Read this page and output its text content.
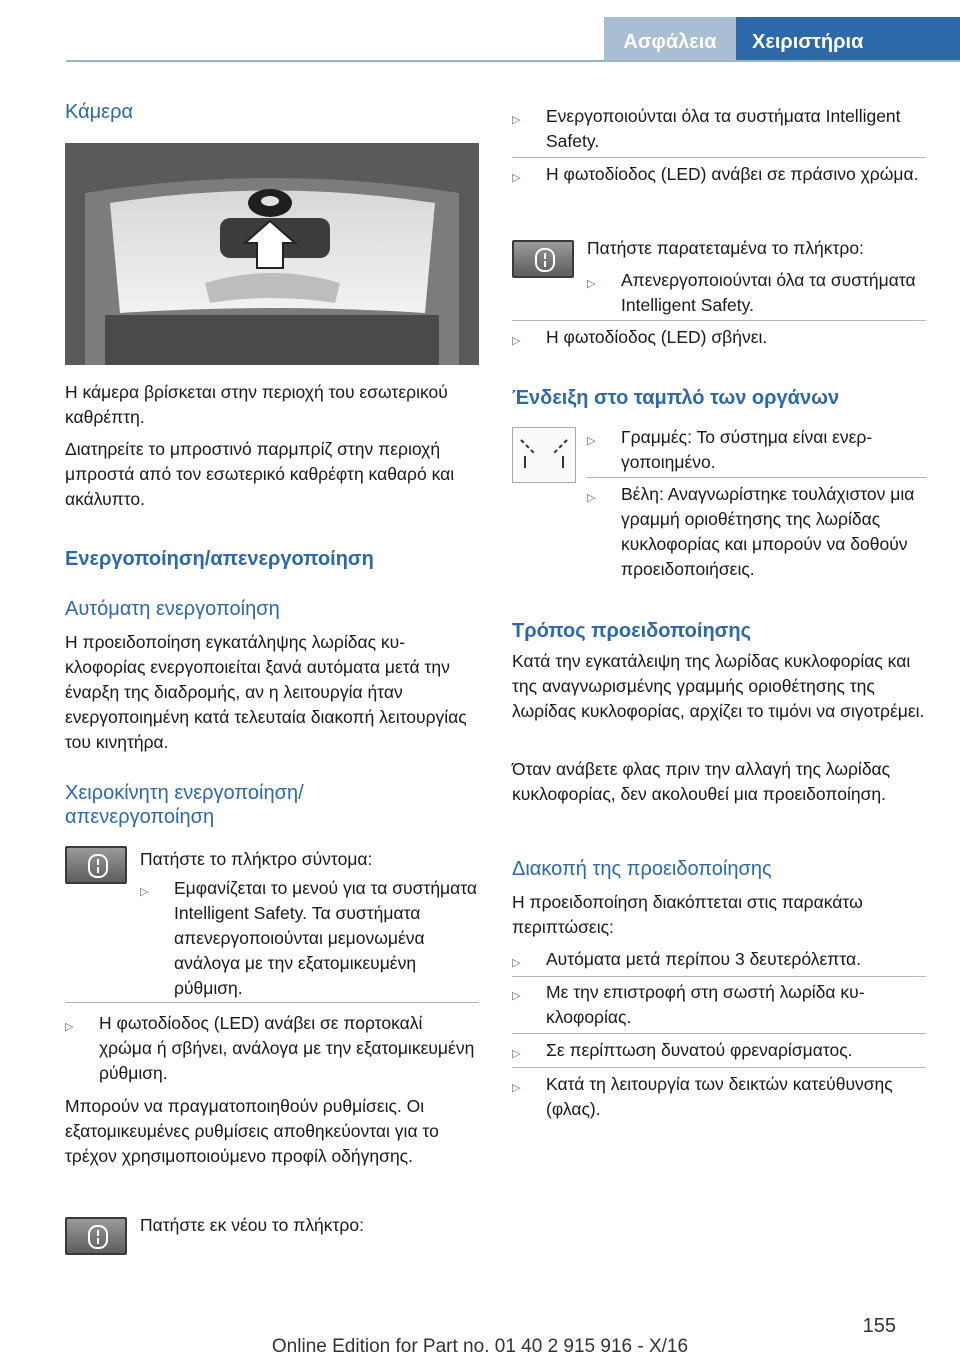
Ασφάλεια	Χειριστήρια
Κάμερα
Η κάμερα βρίσκεται στην περιοχή του εσωτερικού καθρέπτη.
Διατηρείτε το μπροστινό παρμπρίζ στην περιοχή μπροστά από τον εσωτερικό καθρέφτη καθαρό και ακάλυπτο.
Ενεργοποίηση/απενεργοποίηση
Αυτόματη ενεργοποίηση
Η προειδοποίηση εγκατάληψης λωρίδας κυκλοφορίας ενεργοποιείται ξανά αυτόματα μετά την έναρξη της διαδρομής, αν η λειτουργία ήταν ενεργοποιημένη κατά τελευταία διακοπή λειτουργίας του κινητήρα.
Χειροκίνητη ενεργοποίηση/
απενεργοποίηση
Πατήστε το πλήκτρο σύντομα:
▷ Εμφανίζεται το μενού για τα συστήματα Intelligent Safety. Τα συστήματα απενεργοποιούνται μεμονωμένα ανάλογα με την εξατομικευμένη ρύθμιση.
▷ Η φωτοδίοδος (LED) ανάβει σε πορτοκαλί χρώμα ή σβήνει, ανάλογα με την εξατομικευμένη ρύθμιση.
Μπορούν να πραγματοποιηθούν ρυθμίσεις. Οι εξατομικευμένες ρυθμίσεις αποθηκεύονται για το τρέχον χρησιμοποιούμενο προφίλ οδήγησης.
Πατήστε εκ νέου το πλήκτρο:
▷ Ενεργοποιούνται όλα τα συστήματα Intelligent Safety.
▷ Η φωτοδίοδος (LED) ανάβει σε πράσινο χρώμα.
Πατήστε παρατεταμένα το πλήκτρο:
▷ Απενεργοποιούνται όλα τα συστήματα Intelligent Safety.
▷ Η φωτοδίοδος (LED) σβήνει.
Ένδειξη στο ταμπλό των οργάνων
▷ Γραμμές: Το σύστημα είναι ενεργοποιημένο.
▷ Βέλη: Αναγνωρίστηκε τουλάχιστον μια γραμμή οριοθέτησης της λωρίδας κυκλοφορίας και μπορούν να δοθούν προειδοποιήσεις.
Τρόπος προειδοποίησης
Κατά την εγκατάλειψη της λωρίδας κυκλοφορίας και της αναγνωρισμένης γραμμής οριοθέτησης της λωρίδας κυκλοφορίας, αρχίζει το τιμόνι να σιγοτρέμει.
Όταν ανάβετε φλας πριν την αλλαγή της λωρίδας κυκλοφορίας, δεν ακολουθεί μια προειδοποίηση.
Διακοπή της προειδοποίησης
Η προειδοποίηση διακόπτεται στις παρακάτω περιπτώσεις:
▷ Αυτόματα μετά περίπου 3 δευτερόλεπτα.
▷ Με την επιστροφή στη σωστή λωρίδα κυκλοφορίας.
▷ Σε περίπτωση δυνατού φρεναρίσματος.
▷ Κατά τη λειτουργία των δεικτών κατεύθυνσης (φλας).
155
Online Edition for Part no. 01 40 2 915 916 - X/16
